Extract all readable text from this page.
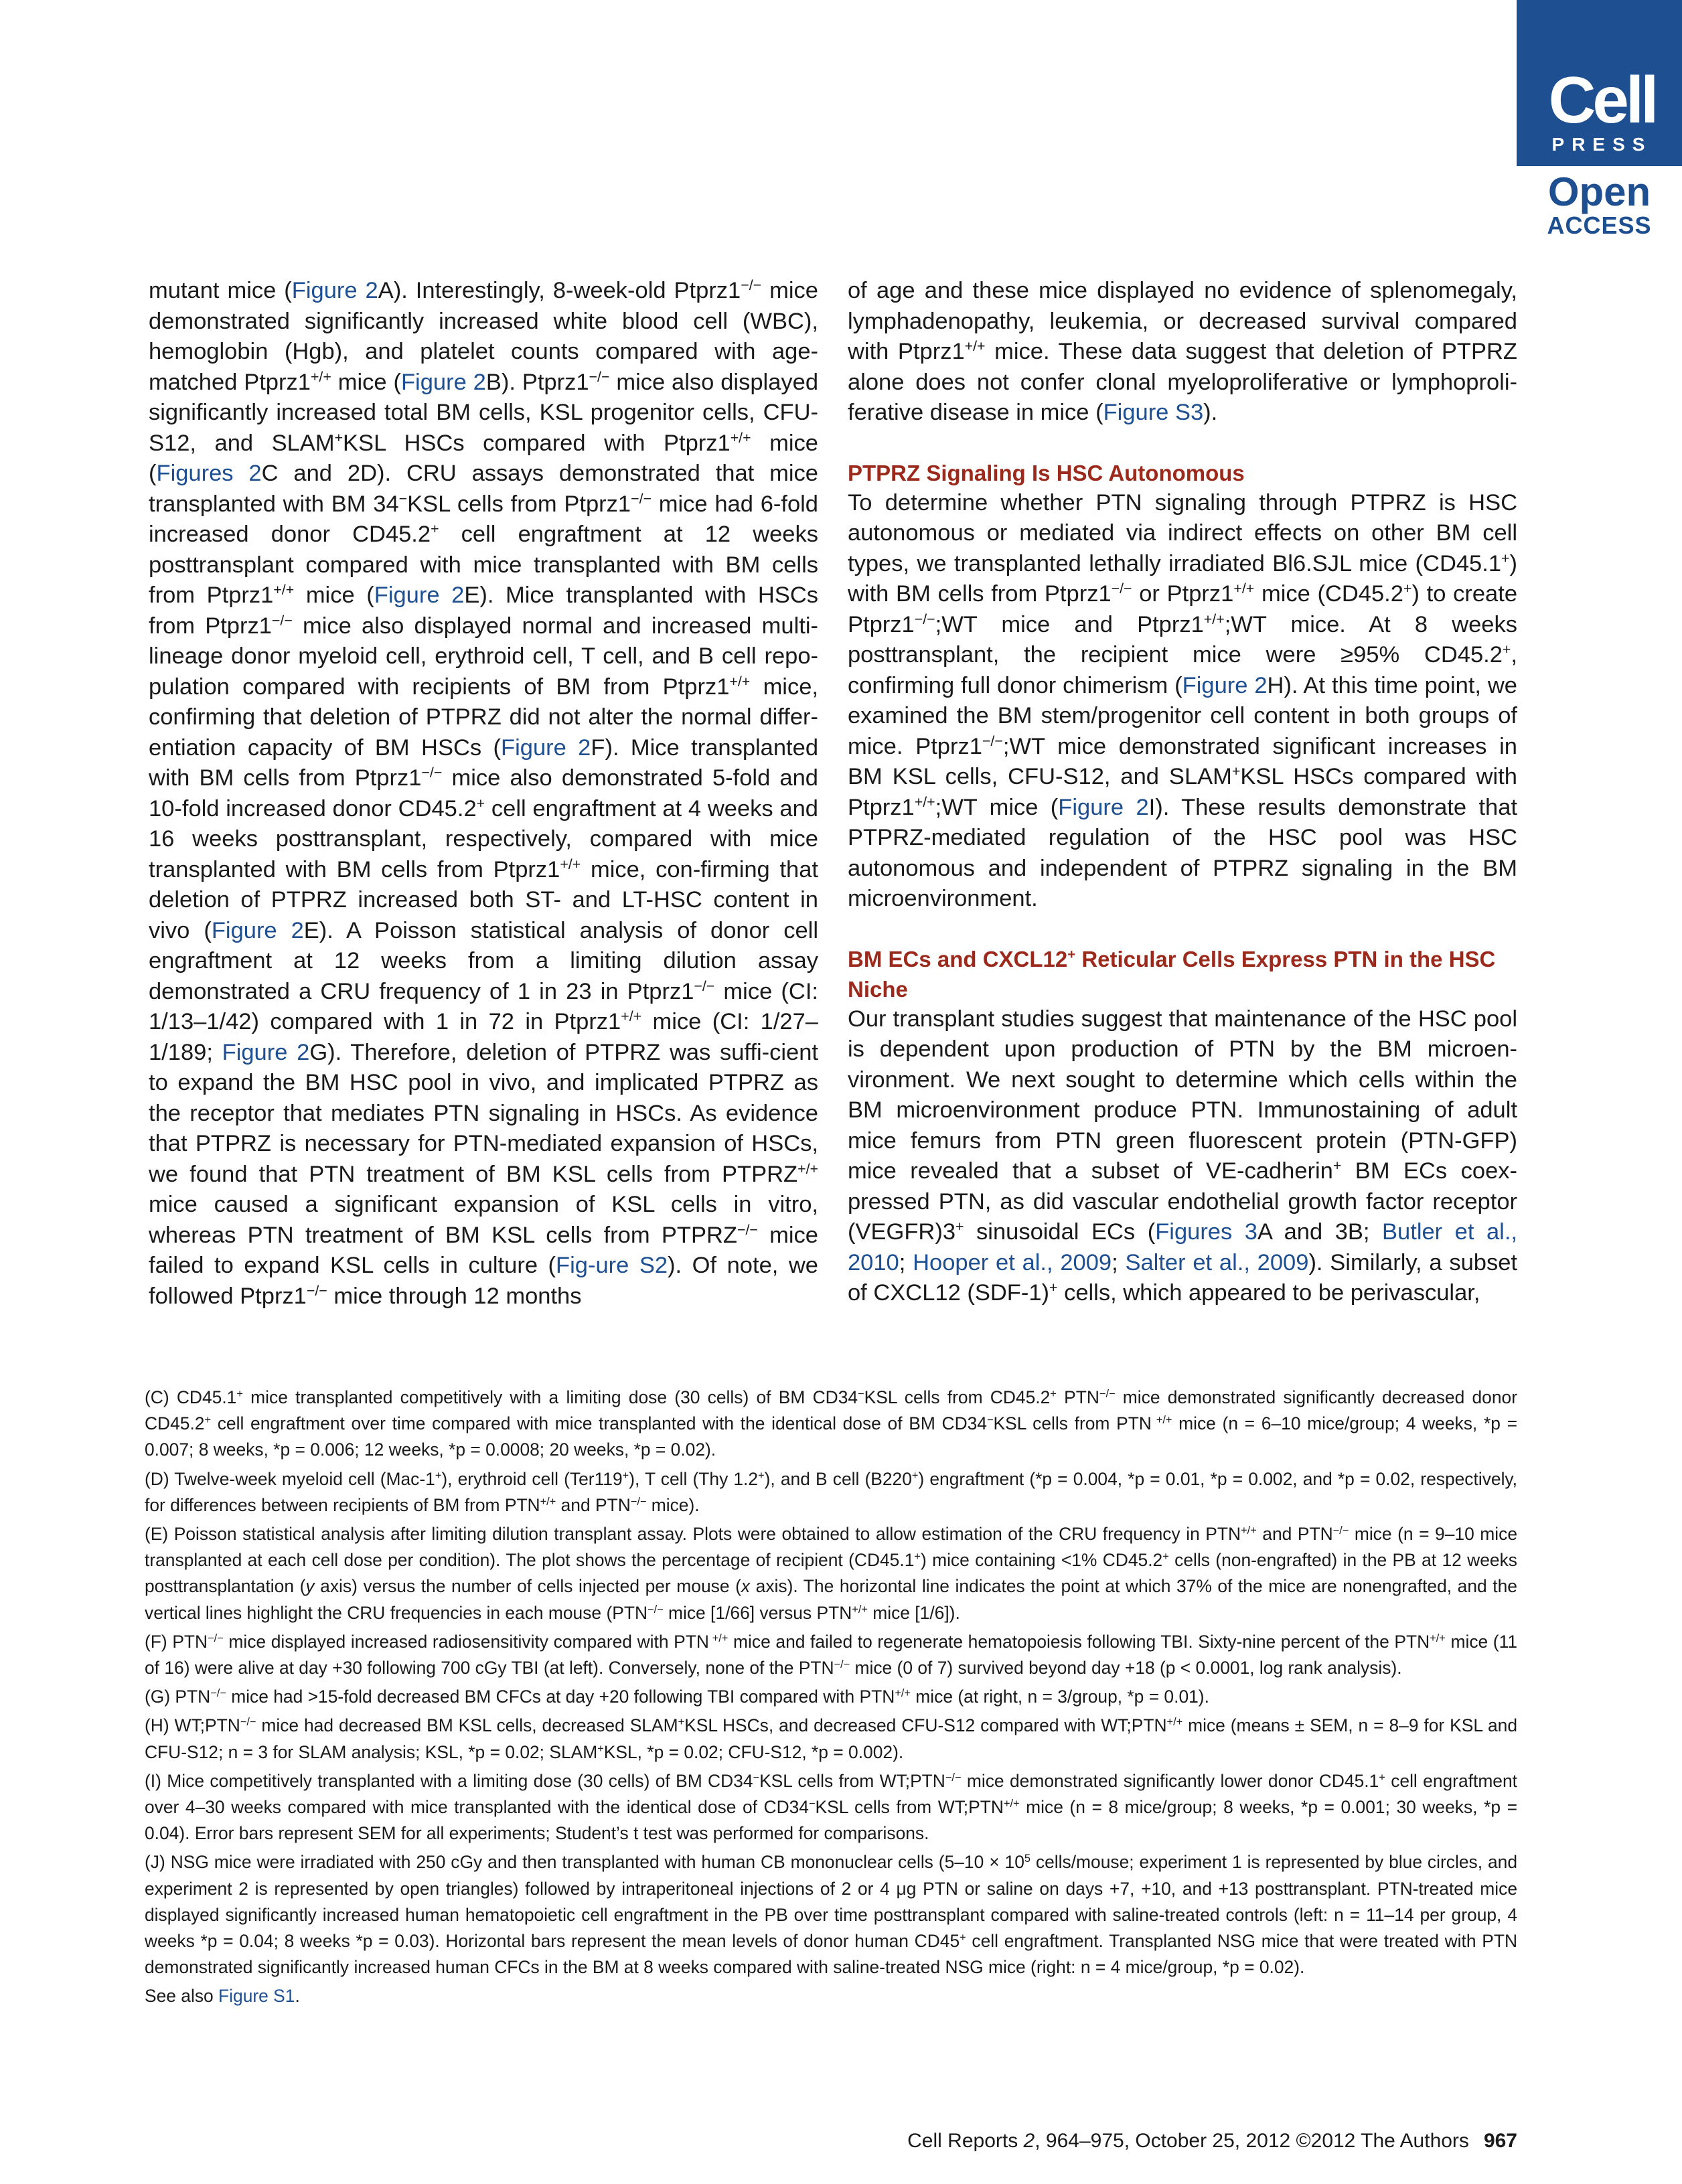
Cell
PRESS
Open
ACCESS

mutant mice (Figure 2A). Interestingly, 8-week-old Ptprz1−/− mice demonstrated significantly increased white blood cell (WBC), hemoglobin (Hgb), and platelet counts compared with age-matched Ptprz1+/+ mice (Figure 2B). Ptprz1−/− mice also displayed significantly increased total BM cells, KSL progenitor cells, CFU-S12, and SLAM+KSL HSCs compared with Ptprz1+/+ mice (Figures 2C and 2D). CRU assays demonstrated that mice transplanted with BM 34−KSL cells from Ptprz1−/− mice had 6-fold increased donor CD45.2+ cell engraftment at 12 weeks posttransplant compared with mice transplanted with BM cells from Ptprz1+/+ mice (Figure 2E). Mice transplanted with HSCs from Ptprz1−/− mice also displayed normal and increased multi-lineage donor myeloid cell, erythroid cell, T cell, and B cell repo-pulation compared with recipients of BM from Ptprz1+/+ mice, confirming that deletion of PTPRZ did not alter the normal differ-entiation capacity of BM HSCs (Figure 2F). Mice transplanted with BM cells from Ptprz1−/− mice also demonstrated 5-fold and 10-fold increased donor CD45.2+ cell engraftment at 4 weeks and 16 weeks posttransplant, respectively, compared with mice transplanted with BM cells from Ptprz1+/+ mice, con-firming that deletion of PTPRZ increased both ST- and LT-HSC content in vivo (Figure 2E). A Poisson statistical analysis of donor cell engraftment at 12 weeks from a limiting dilution assay demonstrated a CRU frequency of 1 in 23 in Ptprz1−/− mice (CI: 1/13–1/42) compared with 1 in 72 in Ptprz1+/+ mice (CI: 1/27–1/189; Figure 2G). Therefore, deletion of PTPRZ was suffi-cient to expand the BM HSC pool in vivo, and implicated PTPRZ as the receptor that mediates PTN signaling in HSCs. As evidence that PTPRZ is necessary for PTN-mediated expansion of HSCs, we found that PTN treatment of BM KSL cells from PTPRZ+/+ mice caused a significant expansion of KSL cells in vitro, whereas PTN treatment of BM KSL cells from PTPRZ−/− mice failed to expand KSL cells in culture (Fig-ure S2). Of note, we followed Ptprz1−/− mice through 12 months

of age and these mice displayed no evidence of splenomegaly, lymphadenopathy, leukemia, or decreased survival compared with Ptprz1+/+ mice. These data suggest that deletion of PTPRZ alone does not confer clonal myeloproliferative or lymphoproli-ferative disease in mice (Figure S3).

PTPRZ Signaling Is HSC Autonomous

To determine whether PTN signaling through PTPRZ is HSC autonomous or mediated via indirect effects on other BM cell types, we transplanted lethally irradiated Bl6.SJL mice (CD45.1+) with BM cells from Ptprz1−/− or Ptprz1+/+ mice (CD45.2+) to create Ptprz1−/−;WT mice and Ptprz1+/+;WT mice. At 8 weeks posttransplant, the recipient mice were ≥95% CD45.2+, confirming full donor chimerism (Figure 2H). At this time point, we examined the BM stem/progenitor cell content in both groups of mice. Ptprz1−/−;WT mice demonstrated significant increases in BM KSL cells, CFU-S12, and SLAM+KSL HSCs compared with Ptprz1+/+;WT mice (Figure 2I). These results demonstrate that PTPRZ-mediated regulation of the HSC pool was HSC autonomous and independent of PTPRZ signaling in the BM microenvironment.

BM ECs and CXCL12+ Reticular Cells Express PTN in the HSC Niche

Our transplant studies suggest that maintenance of the HSC pool is dependent upon production of PTN by the BM microen-vironment. We next sought to determine which cells within the BM microenvironment produce PTN. Immunostaining of adult mice femurs from PTN green fluorescent protein (PTN-GFP) mice revealed that a subset of VE-cadherin+ BM ECs coex-pressed PTN, as did vascular endothelial growth factor receptor (VEGFR)3+ sinusoidal ECs (Figures 3A and 3B; Butler et al., 2010; Hooper et al., 2009; Salter et al., 2009). Similarly, a subset of CXCL12 (SDF-1)+ cells, which appeared to be perivascular,

(C) CD45.1+ mice transplanted competitively with a limiting dose (30 cells) of BM CD34−KSL cells from CD45.2+ PTN−/− mice demonstrated significantly decreased donor CD45.2+ cell engraftment over time compared with mice transplanted with the identical dose of BM CD34−KSL cells from PTN +/+ mice (n = 6–10 mice/group; 4 weeks, *p = 0.007; 8 weeks, *p = 0.006; 12 weeks, *p = 0.0008; 20 weeks, *p = 0.02).

(D) Twelve-week myeloid cell (Mac-1+), erythroid cell (Ter119+), T cell (Thy 1.2+), and B cell (B220+) engraftment (*p = 0.004, *p = 0.01, *p = 0.002, and *p = 0.02, respectively, for differences between recipients of BM from PTN+/+ and PTN−/− mice).

(E) Poisson statistical analysis after limiting dilution transplant assay. Plots were obtained to allow estimation of the CRU frequency in PTN+/+ and PTN−/− mice (n = 9–10 mice transplanted at each cell dose per condition). The plot shows the percentage of recipient (CD45.1+) mice containing <1% CD45.2+ cells (non-engrafted) in the PB at 12 weeks posttransplantation (y axis) versus the number of cells injected per mouse (x axis). The horizontal line indicates the point at which 37% of the mice are nonengrafted, and the vertical lines highlight the CRU frequencies in each mouse (PTN−/− mice [1/66] versus PTN+/+ mice [1/6]).

(F) PTN−/− mice displayed increased radiosensitivity compared with PTN +/+ mice and failed to regenerate hematopoiesis following TBI. Sixty-nine percent of the PTN+/+ mice (11 of 16) were alive at day +30 following 700 cGy TBI (at left). Conversely, none of the PTN−/− mice (0 of 7) survived beyond day +18 (p < 0.0001, log rank analysis).

(G) PTN−/− mice had >15-fold decreased BM CFCs at day +20 following TBI compared with PTN+/+ mice (at right, n = 3/group, *p = 0.01).

(H) WT;PTN−/− mice had decreased BM KSL cells, decreased SLAM+KSL HSCs, and decreased CFU-S12 compared with WT;PTN+/+ mice (means ± SEM, n = 8–9 for KSL and CFU-S12; n = 3 for SLAM analysis; KSL, *p = 0.02; SLAM+KSL, *p = 0.02; CFU-S12, *p = 0.002).

(I) Mice competitively transplanted with a limiting dose (30 cells) of BM CD34−KSL cells from WT;PTN−/− mice demonstrated significantly lower donor CD45.1+ cell engraftment over 4–30 weeks compared with mice transplanted with the identical dose of CD34−KSL cells from WT;PTN+/+ mice (n = 8 mice/group; 8 weeks, *p = 0.001; 30 weeks, *p = 0.04). Error bars represent SEM for all experiments; Student’s t test was performed for comparisons.

(J) NSG mice were irradiated with 250 cGy and then transplanted with human CB mononuclear cells ($5-10 \times 10^5$ cells/mouse; experiment 1 is represented by blue circles, and experiment 2 is represented by open triangles) followed by intraperitoneal injections of 2 or 4 μg PTN or saline on days +7, +10, and +13 posttransplant. PTN-treated mice displayed significantly increased human hematopoietic cell engraftment in the PB over time posttransplant compared with saline-treated controls (left: n = 11–14 per group, 4 weeks *p = 0.04; 8 weeks *p = 0.03). Horizontal bars represent the mean levels of donor human CD45+ cell engraftment. Transplanted NSG mice that were treated with PTN demonstrated significantly increased human CFCs in the BM at 8 weeks compared with saline-treated NSG mice (right: n = 4 mice/group, *p = 0.02).

See also Figure S1.

Cell Reports 2, 964–975, October 25, 2012 ©2012 The Authors 967
